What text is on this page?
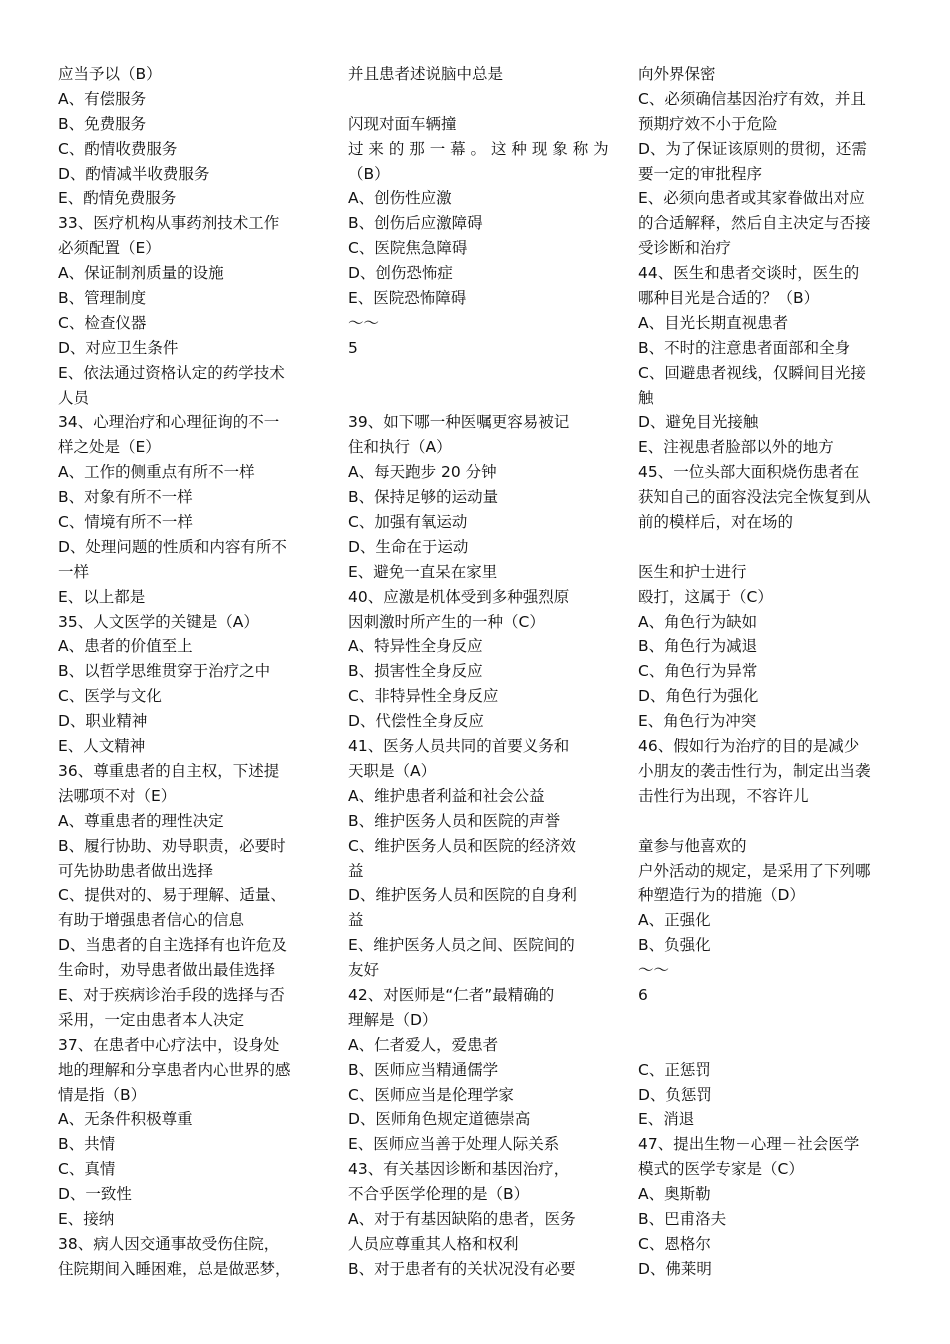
应当予以（B）
A、有偿服务
B、免费服务
C、酌情收费服务
D、酌情减半收费服务
E、酌情免费服务
33、医疗机构从事药剂技术工作
必须配置（E）
A、保证制剂质量的设施
B、管理制度
C、检查仪器
D、对应卫生条件
E、依法通过资格认定的药学技术
人员
34、心理治疗和心理征询的不一
样之处是（E）
A、工作的侧重点有所不一样
B、对象有所不一样
C、情境有所不一样
D、处理问题的性质和内容有所不
一样
E、以上都是
35、人文医学的关键是（A）
A、患者的价值至上
B、以哲学思维贯穿于治疗之中
C、医学与文化
D、职业精神
E、人文精神
36、尊重患者的自主权，下述提
法哪项不对（E）
A、尊重患者的理性决定
B、履行协助、劝导职责，必要时
可先协助患者做出选择
C、提供对的、易于理解、适量、
有助于增强患者信心的信息
D、当患者的自主选择有也许危及
生命时，劝导患者做出最佳选择
E、对于疾病诊治手段的选择与否
采用，一定由患者本人决定
37、在患者中心疗法中，设身处
地的理解和分享患者内心世界的感
情是指（B）
A、无条件积极尊重
B、共情
C、真情
D、一致性
E、接纳
38、病人因交通事故受伤住院，
住院期间入睡困难，总是做恶梦，
并且患者述说脑中总是
闪现对面车辆撞
过 来 的 那 一 幕 。 这 种 现 象 称 为
（B）
A、创伤性应激
B、创伤后应激障碍
C、医院焦急障碍
D、创伤恐怖症
E、医院恐怖障碍
～～
5
39、如下哪一种医嘱更容易被记
住和执行（A）
A、每天跑步 20 分钟
B、保持足够的运动量
C、加强有氧运动
D、生命在于运动
E、避免一直呆在家里
40、应激是机体受到多种强烈原
因刺激时所产生的一种（C）
A、特异性全身反应
B、损害性全身反应
C、非特异性全身反应
D、代偿性全身反应
41、医务人员共同的首要义务和
天职是（A）
A、维护患者利益和社会公益
B、维护医务人员和医院的声誉
C、维护医务人员和医院的经济效
益
D、维护医务人员和医院的自身利
益
E、维护医务人员之间、医院间的
友好
42、对医师是“仁者”最精确的
理解是（D）
A、仁者爱人，爱患者
B、医师应当精通儒学
C、医师应当是伦理学家
D、医师角色规定道德崇高
E、医师应当善于处理人际关系
43、有关基因诊断和基因治疗，
不合乎医学伦理的是（B）
A、对于有基因缺陷的患者，医务
人员应尊重其人格和权利
B、对于患者有的关状况没有必要
向外界保密
C、必须确信基因治疗有效，并且
预期疗效不小于危险
D、为了保证该原则的贯彻，还需
要一定的审批程序
E、必须向患者或其家眷做出对应
的合适解释，然后自主决定与否接
受诊断和治疗
44、医生和患者交谈时，医生的
哪种目光是合适的？（B）
A、目光长期直视患者
B、不时的注意患者面部和全身
C、回避患者视线，仅瞬间目光接
触
D、避免目光接触
E、注视患者脸部以外的地方
45、一位头部大面积烧伤患者在
获知自己的面容没法完全恢复到从
前的模样后，对在场的
医生和护士进行
殴打，这属于（C）
A、角色行为缺如
B、角色行为减退
C、角色行为异常
D、角色行为强化
E、角色行为冲突
46、假如行为治疗的目的是减少
小朋友的袭击性行为，制定出当袭
击性行为出现，不容许儿
童参与他喜欢的
户外活动的规定，是采用了下列哪
种塑造行为的措施（D）
A、正强化
B、负强化
～～
6
C、正惩罚
D、负惩罚
E、消退
47、提出生物－心理－社会医学
模式的医学专家是（C）
A、奥斯勒
B、巴甫洛夫
C、恩格尔
D、佛莱明
